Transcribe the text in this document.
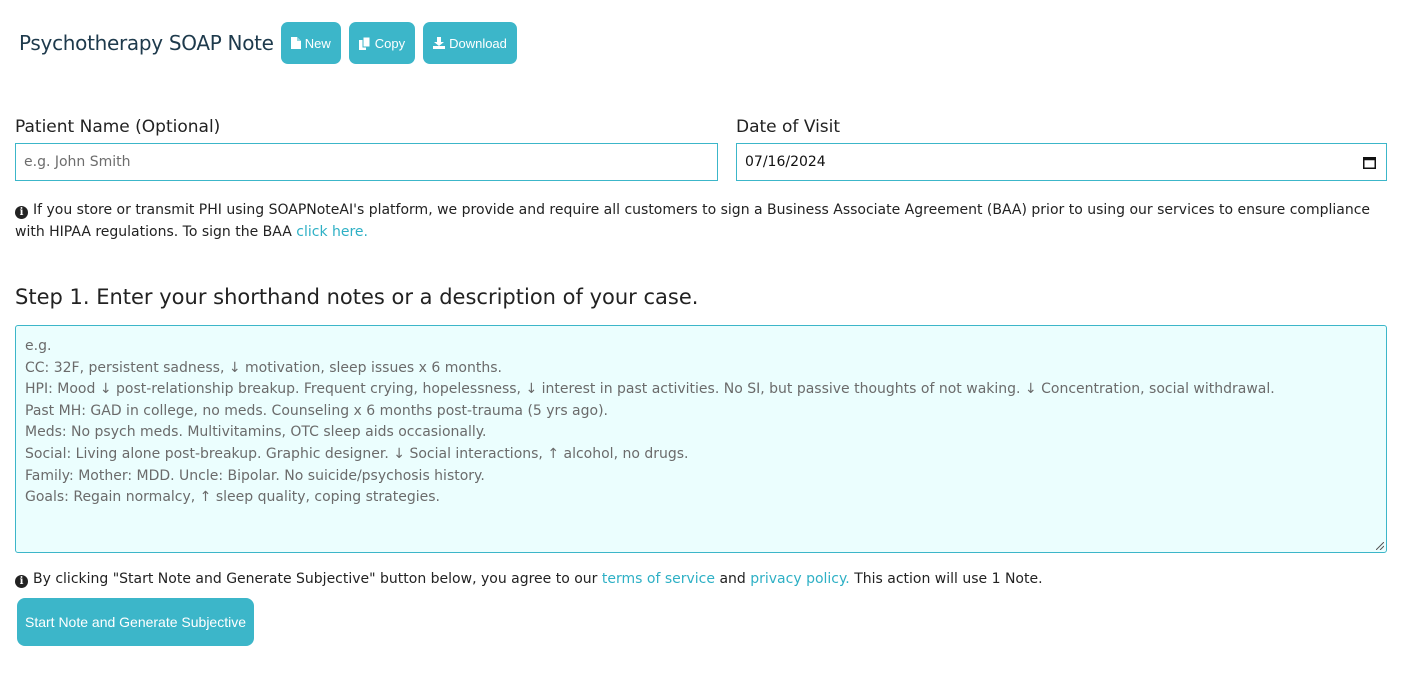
Psychotherapy SOAP Note New	Copy	Download
Patient Name (Optional)
e.g. John Smith
Date of Visit
07/16/2024
i If you store or transmit PHI using SOAPNoteAI's platform, we provide and require all customers to sign a Business Associate Agreement (BAA) prior to using our services to ensure compliance with HIPAA regulations. To sign the BAA click here.
Step 1. Enter your shorthand notes or a description of your case.
e.g.
CC: 32F, persistent sadness, ↓ motivation, sleep issues x 6 months.
HPI: Mood ↓ post-relationship breakup. Frequent crying, hopelessness, ↓ interest in past activities. No SI, but passive thoughts of not waking. ↓ Concentration, social withdrawal.
Past MH: GAD in college, no meds. Counseling x 6 months post-trauma (5 yrs ago).
Meds: No psych meds. Multivitamins, OTC sleep aids occasionally.
Social: Living alone post-breakup. Graphic designer. ↓ Social interactions, ↑ alcohol, no drugs.
Family: Mother: MDD. Uncle: Bipolar. No suicide/psychosis history.
Goals: Regain normalcy, ↑ sleep quality, coping strategies.
i By clicking "Start Note and Generate Subjective" button below, you agree to our terms of service and privacy policy. This action will use 1 Note.
Start Note and Generate Subjective
